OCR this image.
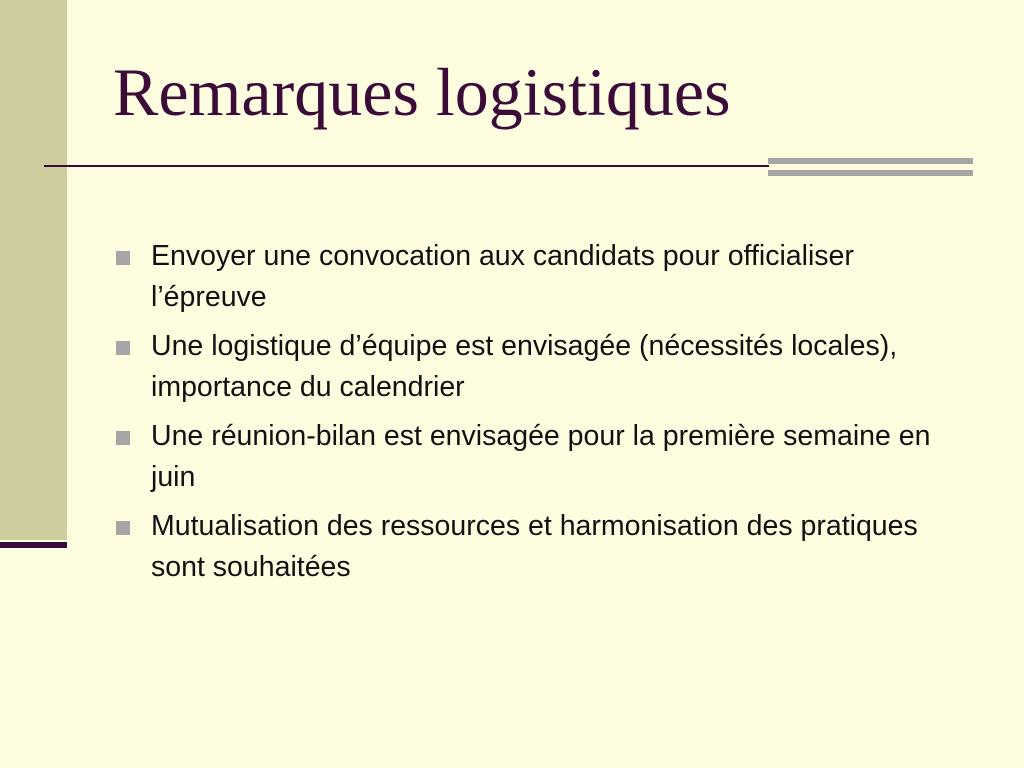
Remarques logistiques
Envoyer une convocation aux candidats pour officialiser l’épreuve
Une logistique d’équipe est envisagée (nécessités locales), importance du calendrier
Une réunion-bilan est envisagée pour la première semaine en juin
Mutualisation des ressources et harmonisation des pratiques sont souhaitées
